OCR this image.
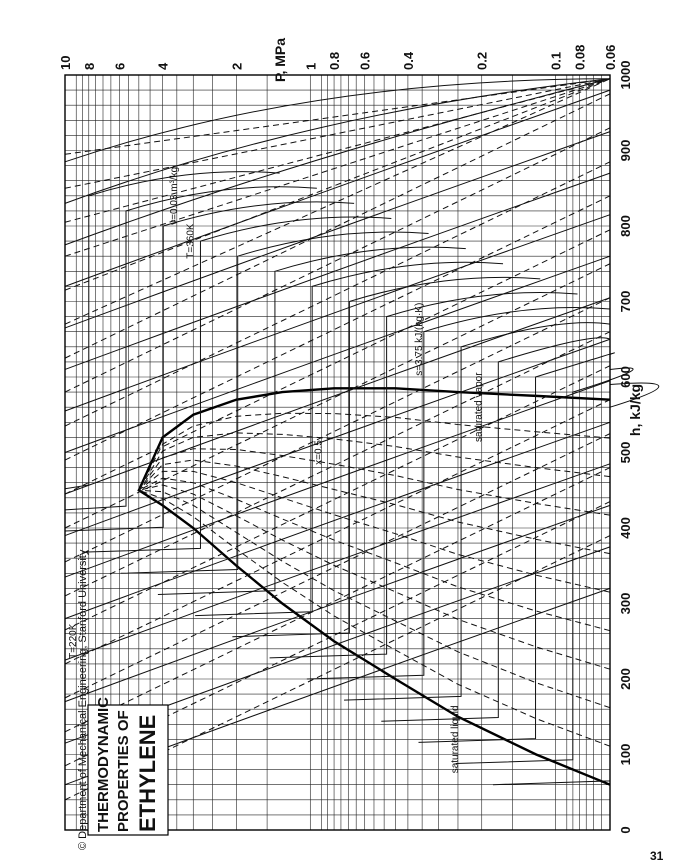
0
100
200
300
400
500
600
700
800
900
1000
10 8 6 4	2	1 0.8 0.6 0.4	0.2	0.1 0.08 0.06
saturated liquid
saturated vapor
T=360K
T=220K
v=0.03 m³/kg
s=3.75 kJ/(kg·K)
x=0.5
P, MPa
h, kJ/kg
THERMODYNAMIC PROPERTIES OF ETHYLENE
© Department of Mechanical Engineering, Stanford University
31
